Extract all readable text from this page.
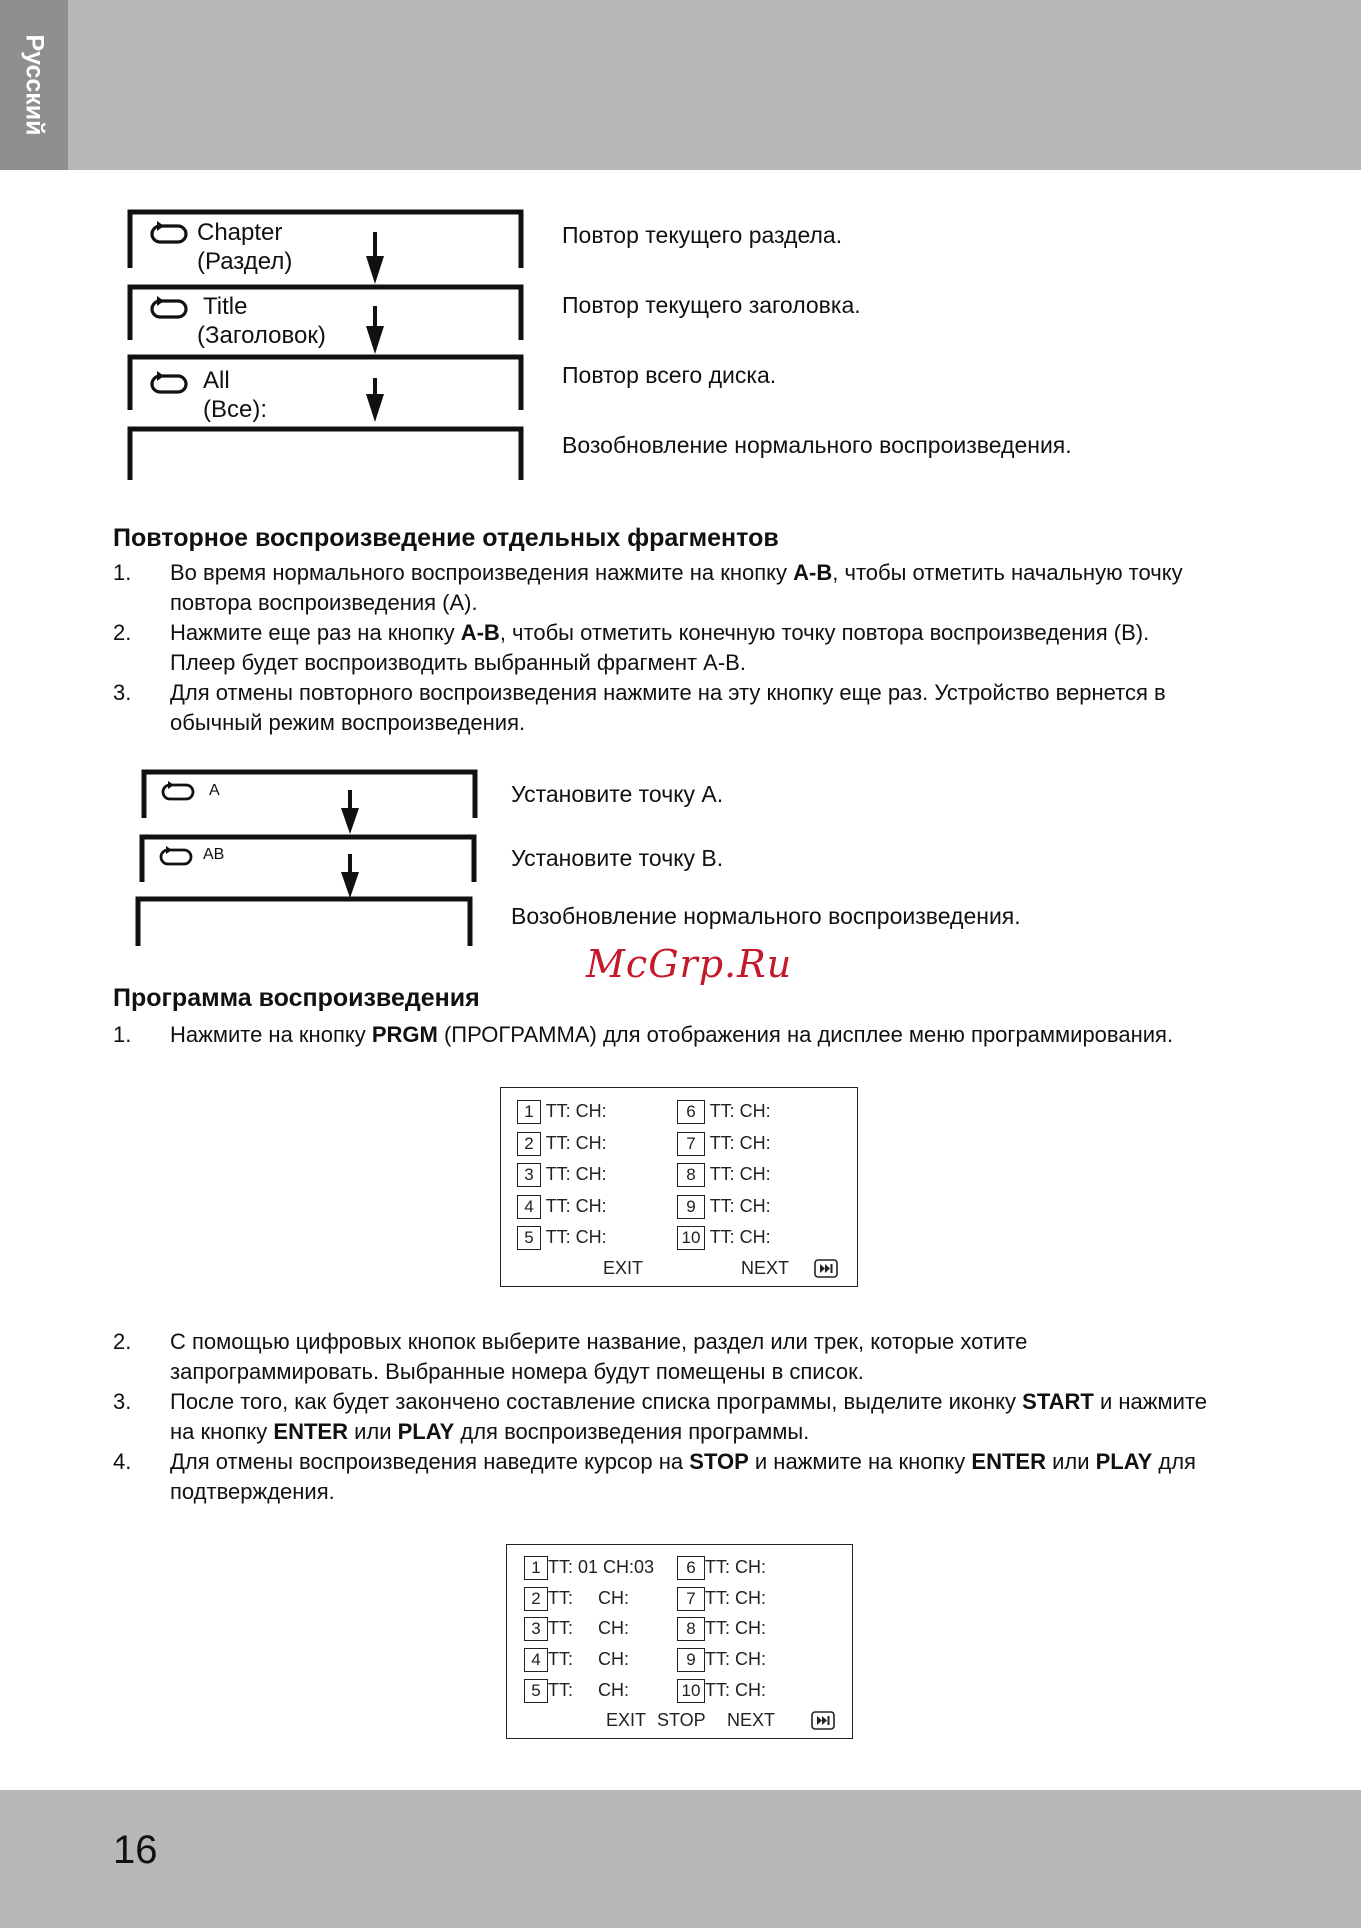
Русский
16
Chapter
(Раздел)
Title
(Заголовок)
All (Все):
Повтор текущего раздела.
Повтор текущего заголовка.
Повтор всего диска.
Возобновление нормального воспроизведения.
Повторное воспроизведение отдельных фрагментов
1. Во время нормального воспроизведения нажмите на кнопку A-B, чтобы отметить начальную точку повтора воспроизведения (A).
2. Нажмите еще раз на кнопку A-B, чтобы отметить конечную точку повтора воспроизведения (B). Плеер будет воспроизводить выбранный фрагмент A-B.
3. Для отмены повторного воспроизведения нажмите на эту кнопку еще раз. Устройство вернется в обычный режим воспроизведения.
A
AB
Установите точку A.
Установите точку B.
Возобновление нормального воспроизведения.
McGrp.Ru
Программа воспроизведения
1. Нажмите на кнопку PRGM (ПРОГРАММА) для отображения на дисплее меню программирования.
1 TT: CH:
2 TT: CH:
3 TT: CH:
4 TT: CH:
5 TT: CH:
6 TT: CH:
7 TT: CH:
8 TT: CH:
9 TT: CH:
10 TT: CH:
EXIT	NEXT
2. С помощью цифровых кнопок выберите название, раздел или трек, которые хотите запрограммировать. Выбранные номера будут помещены в список.
3. После того, как будет закончено составление списка программы, выделите иконку START и нажмите на кнопку ENTER или PLAY для воспроизведения программы.
4. Для отмены воспроизведения наведите курсор на STOP и нажмите на кнопку ENTER или PLAY для подтверждения.
1 TT: 01 CH:03
2 TT:     CH:
3 TT:     CH:
4 TT:     CH:
5 TT:     CH:
6 TT: CH:
7 TT: CH:
8 TT: CH:
9 TT: CH:
10 TT: CH:
EXIT STOP NEXT
